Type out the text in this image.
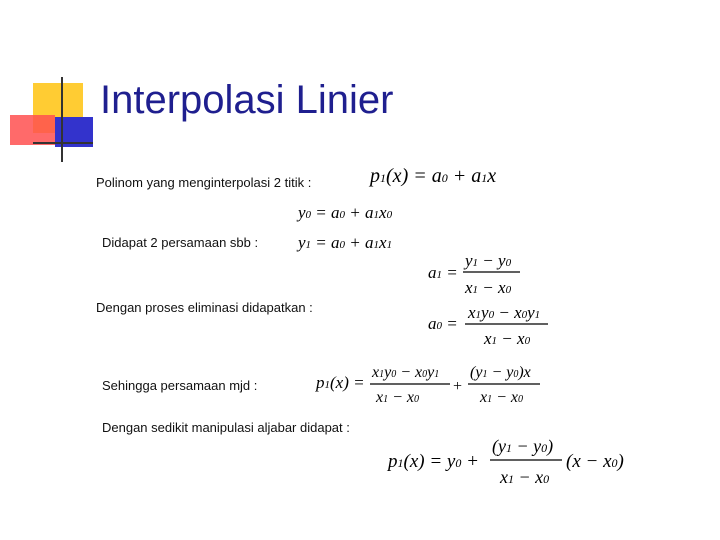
Interpolasi Linier
Polinom yang menginterpolasi 2 titik :
Didapat 2 persamaan sbb :
Dengan proses eliminasi didapatkan :
Sehingga persamaan mjd :
Dengan sedikit manipulasi aljabar didapat :
p1(x) = a0 + a1x
y0 = a0 + a1x0
y1 = a0 + a1x1
a1 =
y1 − y0
x1 − x0
a0 =
x1y0 − x0y1
x1 − x0
p1(x) =
x1y0 − x0y1
x1 − x0
+
(y1 − y0)x
x1 − x0
p1(x) = y0 +
(y1 − y0)
x1 − x0
(x − x0)
